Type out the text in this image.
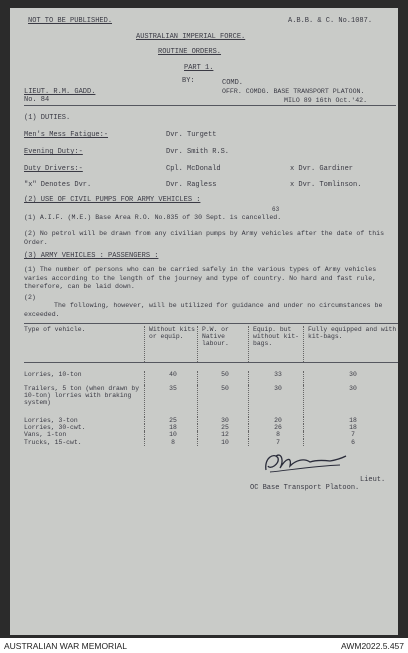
NOT TO BE PUBLISHED.	A.B.B. & C. No.1087.
AUSTRALIAN IMPERIAL FORCE.
ROUTINE ORDERS.
PART 1.
BY:	COMD.
LIEUT. R.M. GADD.	OFFR. COMDG. BASE TRANSPORT PLATOON.
No. 84	MILO 89 16th Oct.'42.
(1) DUTIES.
Men's Mess Fatigue:-	Dvr. Turgett
Evening Duty:-	Dvr. Smith R.S.
Duty Drivers:-	Cpl. McDonald	x Dvr. Gardiner
"x" Denotes Dvr.	Dvr. Ragless	x Dvr. Tomlinson.
(2) USE OF CIVIL PUMPS FOR ARMY VEHICLES :
63
(1) A.I.F. (M.E.) Base Area R.O. No.835 of 30 Sept. is cancelled.
(2) No petrol will be drawn from any civilian pumps by Army vehicles after the date of this Order.
(3) ARMY VEHICLES : PASSENGERS :
(1) The number of persons who can be carried safely in the various types of Army vehicles varies according to the length of the journey and type of country. No hard and fast rule, therefore, can be laid down.
(2)
The following, however, will be utilized for guidance and under no circumstances be exceeded.
Type of vehicle.	Without kits or equip.	P.W. or Native labour.	Equip. but without kit-bags.	Fully equipped and with kit-bags.

Lorries, 10-ton	40	50	33	30
Trailers, 5 ton (when drawn by 10-ton) lorries with braking system)	35	50	30	30
Lorries, 3-ton	25	30	20	18
Lorries, 30-cwt.	18	25	26	18
Vans, 1-ton	10	12	8	7
Trucks, 15-cwt.	8	10	7	6
Lieut.
OC Base Transport Platoon.
AUSTRALIAN WAR MEMORIAL	AWM2022.5.457
